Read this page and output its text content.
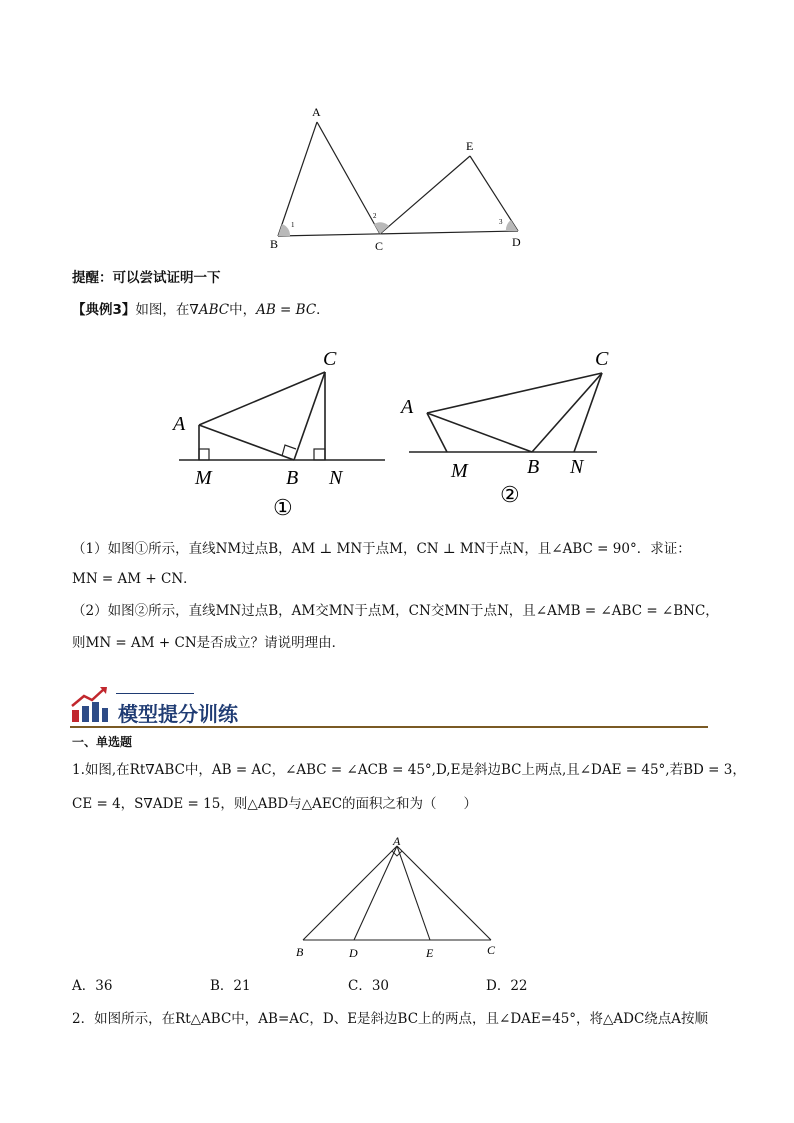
A
B	C	D
E
1
2
3
提醒：可以尝试证明一下
【典例3】如图，在∇ABC中，AB = BC．
A
C
M	B N
A
C
M	B N
①
②
（1）如图①所示，直线NM过点B，AM ⊥ MN于点M，CN ⊥ MN于点N，且∠ABC = 90°．求证：
MN = AM + CN．
（2）如图②所示，直线MN过点B，AM交MN于点M，CN交MN于点N，且∠AMB = ∠ABC = ∠BNC，
则MN = AM + CN是否成立？请说明理由．
模型提分训练
一、单选题
1.如图,在Rt∇ABC中，AB = AC，∠ABC = ∠ACB = 45°,D,E是斜边BC上两点,且∠DAE = 45°,若BD = 3，
CE = 4，S∇ADE = 15，则△ABD与△AEC的面积之和为（　　）
A
B	D	E	C
A．36	B．21	C．30	D．22
2．如图所示，在Rt△ABC中，AB=AC，D、E是斜边BC上的两点，且∠DAE=45°，将△ADC绕点A按顺
